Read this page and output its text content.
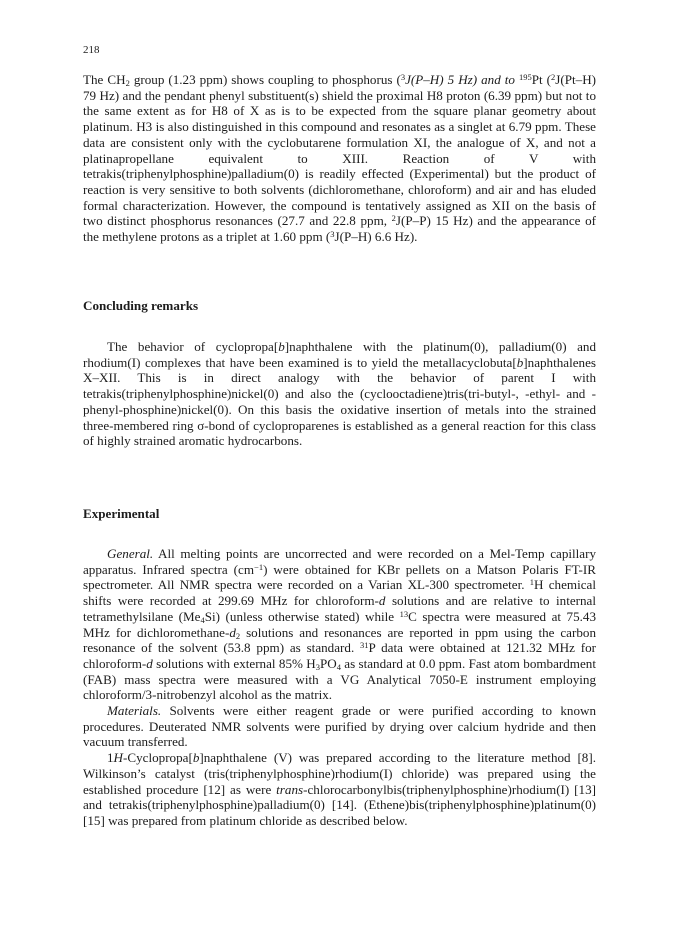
218

The $CH_2$ group (1.23 ppm) shows coupling to phosphorus ($^3$J(P–H) 5 Hz) and to $^{195}$Pt ($^2$J(Pt–H) 79 Hz) and the pendant phenyl substituent(s) shield the proximal H8 proton (6.39 ppm) but not to the same extent as for H8 of X as is to be expected from the square planar geometry about platinum. H3 is also distinguished in this compound and resonates as a singlet at 6.79 ppm. These data are consistent only with the cyclobutarene formulation XI, the analogue of X, and not a platinapropellane equivalent to XIII. Reaction of V with tetrakis(triphenylphosphine)palladium(0) is readily effected (Experimental) but the product of reaction is very sensitive to both solvents (dichloromethane, chloroform) and air and has eluded formal characterization. However, the compound is tentatively assigned as XII on the basis of two distinct phosphorus resonances (27.7 and 22.8 ppm, $^2$J(P–P) 15 Hz) and the appearance of the methylene protons as a triplet at 1.60 ppm ($^3$J(P–H) 6.6 Hz).

Concluding remarks

The behavior of cyclopropa[b]naphthalene with the platinum(0), palladium(0) and rhodium(I) complexes that have been examined is to yield the metallacyclobuta[b]naphthalenes X–XII. This is in direct analogy with the behavior of parent I with tetrakis(triphenylphosphine)nickel(0) and also the (cyclooctadiene)tris(tri-butyl-, -ethyl- and -phenyl-phosphine)nickel(0). On this basis the oxidative insertion of metals into the strained three-membered ring σ-bond of cycloproparenes is established as a general reaction for this class of highly strained aromatic hydrocarbons.

Experimental

General. All melting points are uncorrected and were recorded on a Mel-Temp capillary apparatus. Infrared spectra $(cm^{-1})$ were obtained for KBr pellets on a Matson Polaris FT-IR spectrometer. All NMR spectra were recorded on a Varian XL-300 spectrometer. $^1$H chemical shifts were recorded at 299.69 MHz for chloroform-d solutions and are relative to internal tetramethylsilane $(Me_4Si)$ (unless otherwise stated) while $^{13}$C spectra were measured at 75.43 MHz for dichloromethane-$d_2$ solutions and resonances are reported in ppm using the carbon resonance of the solvent (53.8 ppm) as standard. $^{31}$P data were obtained at 121.32 MHz for chloroform-d solutions with external 85% $H_3PO_4$ as standard at 0.0 ppm. Fast atom bombardment (FAB) mass spectra were measured with a VG Analytical 7050-E instrument employing chloroform/3-nitrobenzyl alcohol as the matrix.

Materials. Solvents were either reagent grade or were purified according to known procedures. Deuterated NMR solvents were purified by drying over calcium hydride and then vacuum transferred.

1H-Cyclopropa[b]naphthalene (V) was prepared according to the literature method [8]. Wilkinson’s catalyst (tris(triphenylphosphine)rhodium(I) chloride) was prepared using the established procedure [12] as were trans-chlorocarbonylbis(triphenylphosphine)rhodium(I) [13] and tetrakis(triphenylphosphine)palladium(0) [14]. (Ethene)bis(triphenylphosphine)platinum(0) [15] was prepared from platinum chloride as described below.
